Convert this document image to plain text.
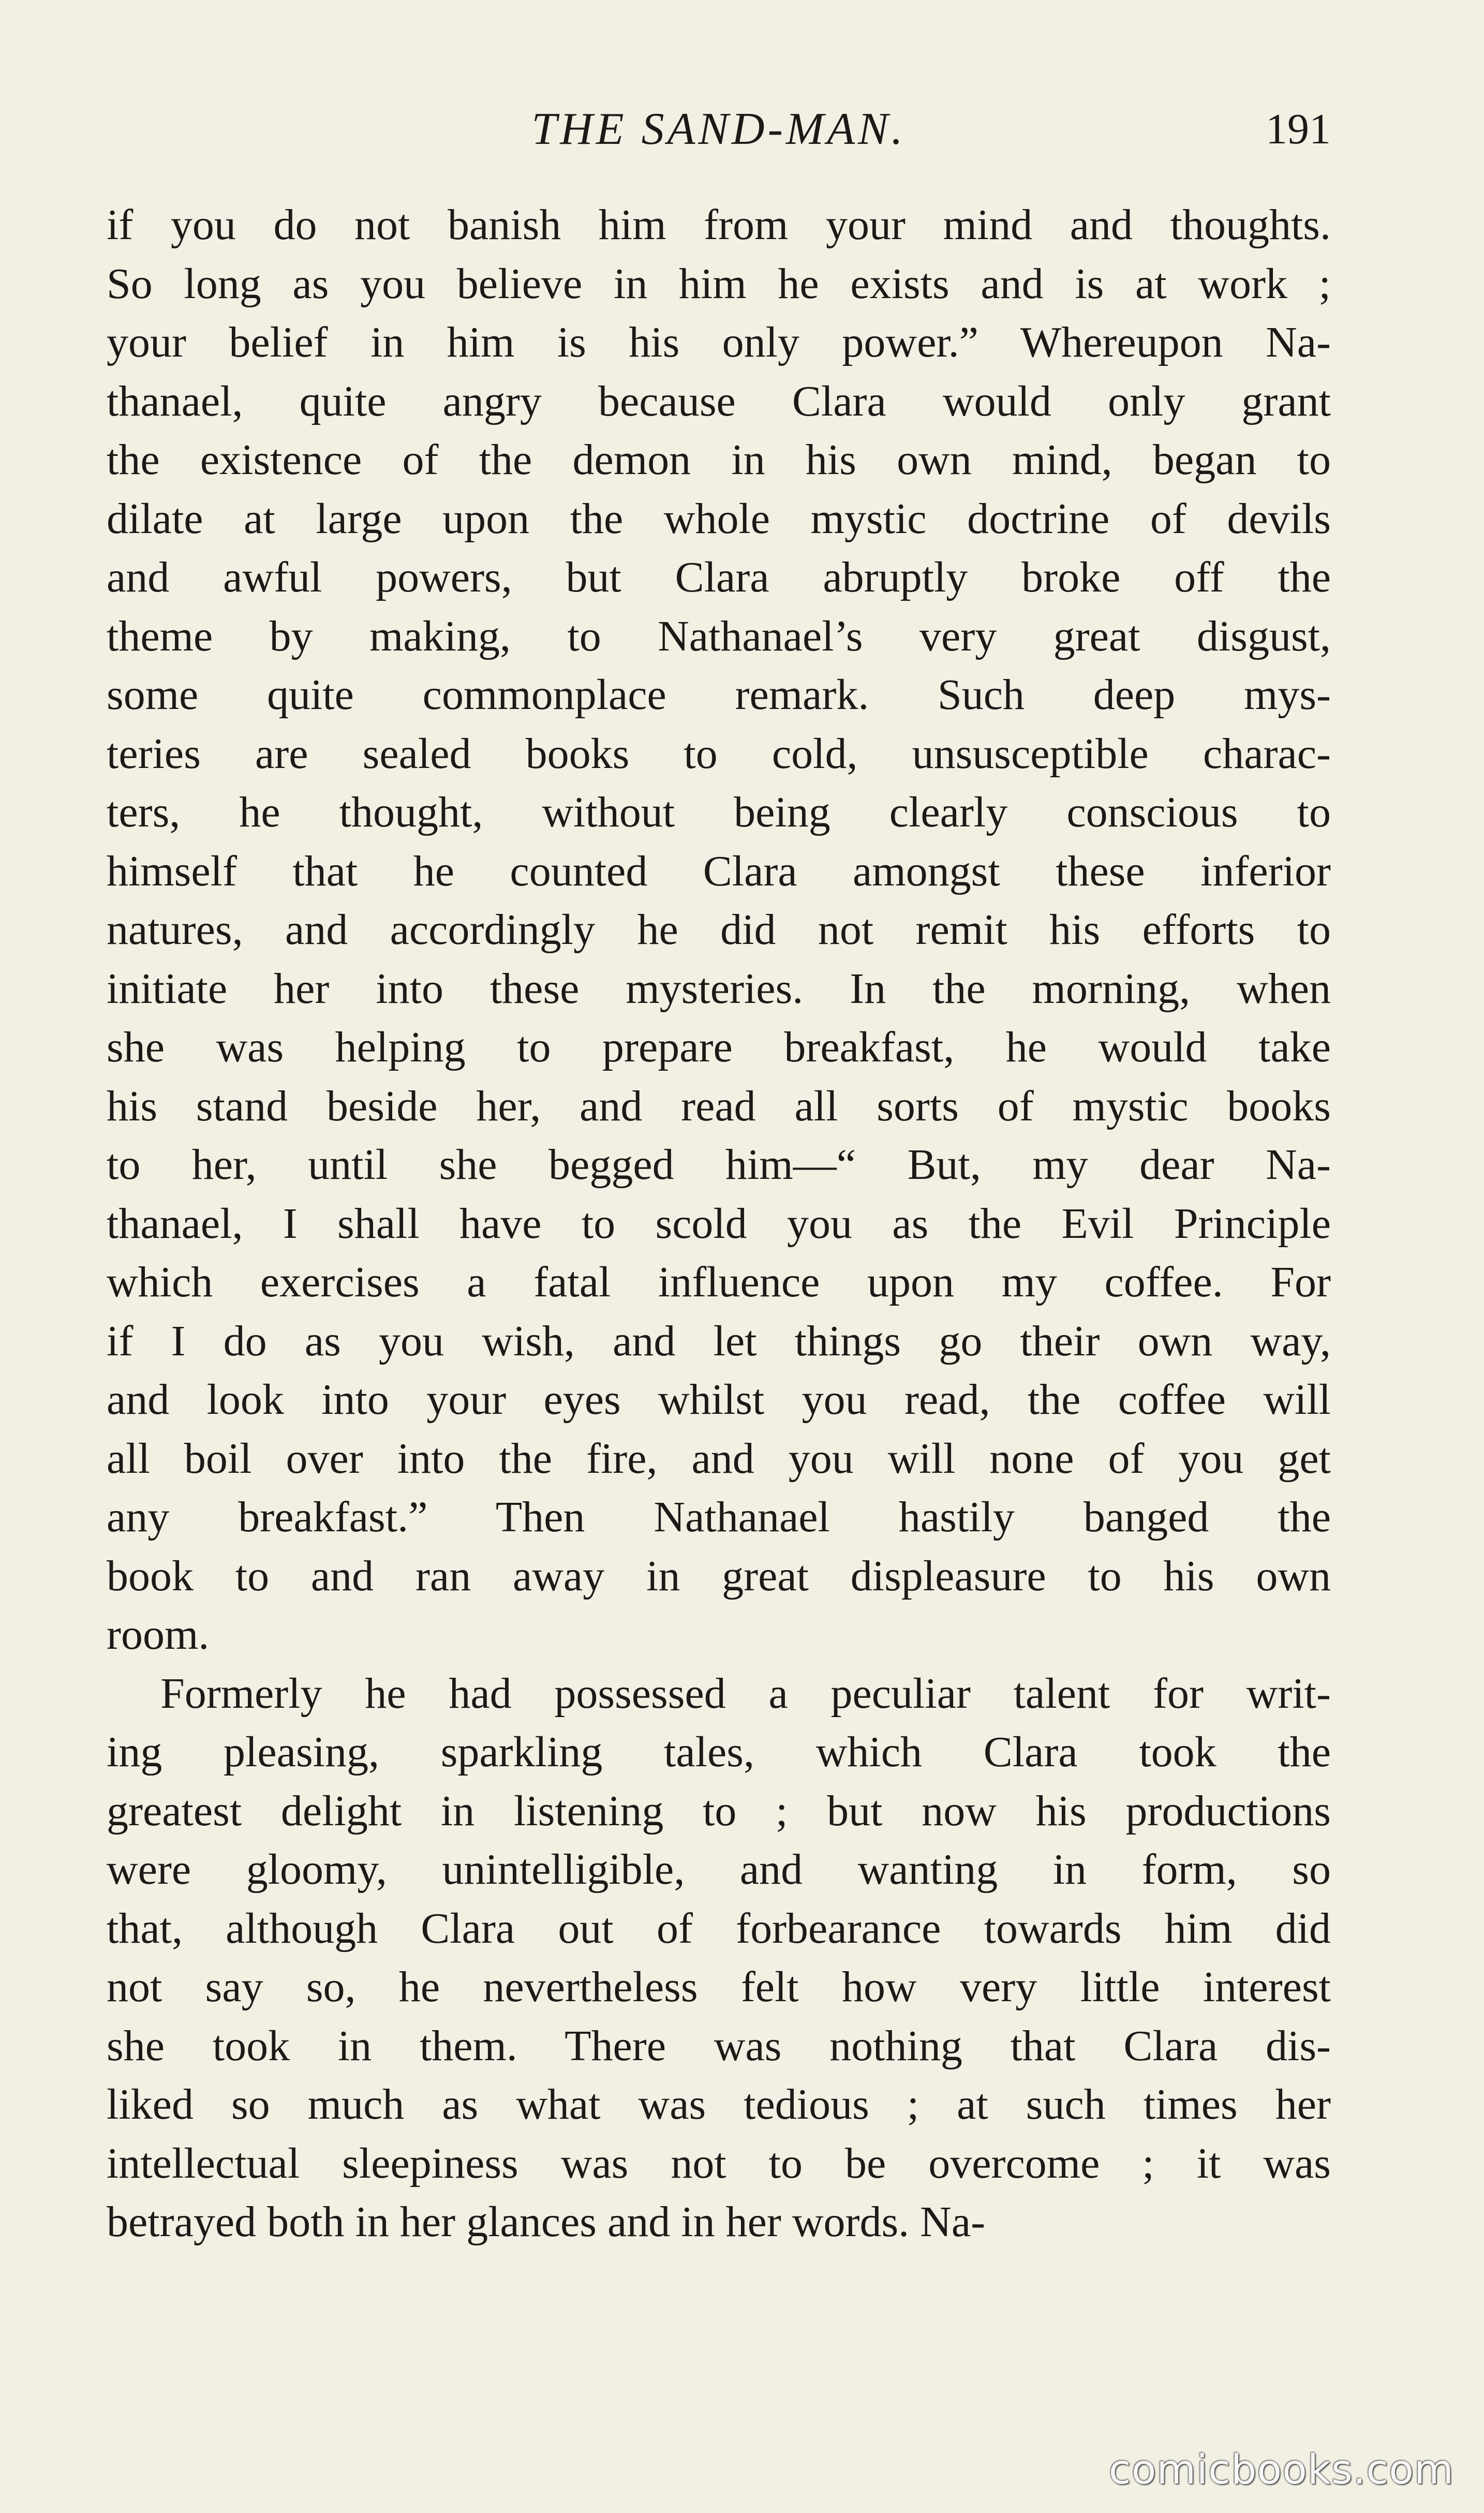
THE SAND-MAN.	191
if you do not banish him from your mind and thoughts.
So long as you believe in him he exists and is at work ;
your belief in him is his only power.” Whereupon Na-
thanael, quite angry because Clara would only grant
the existence of the demon in his own mind, began to
dilate at large upon the whole mystic doctrine of devils
and awful powers, but Clara abruptly broke off the
theme by making, to Nathanael’s very great disgust,
some quite commonplace remark. Such deep mys-
teries are sealed books to cold, unsusceptible charac-
ters, he thought, without being clearly conscious to
himself that he counted Clara amongst these inferior
natures, and accordingly he did not remit his efforts to
initiate her into these mysteries. In the morning, when
she was helping to prepare breakfast, he would take
his stand beside her, and read all sorts of mystic books
to her, until she begged him—“ But, my dear Na-
thanael, I shall have to scold you as the Evil Principle
which exercises a fatal influence upon my coffee. For
if I do as you wish, and let things go their own way,
and look into your eyes whilst you read, the coffee will
all boil over into the fire, and you will none of you get
any breakfast.” Then Nathanael hastily banged the
book to and ran away in great displeasure to his own
room.
Formerly he had possessed a peculiar talent for writ-
ing pleasing, sparkling tales, which Clara took the
greatest delight in listening to ; but now his productions
were gloomy, unintelligible, and wanting in form, so
that, although Clara out of forbearance towards him did
not say so, he nevertheless felt how very little interest
she took in them. There was nothing that Clara dis-
liked so much as what was tedious ; at such times her
intellectual sleepiness was not to be overcome ; it was
betrayed both in her glances and in her words. Na-
comicbooks.com
